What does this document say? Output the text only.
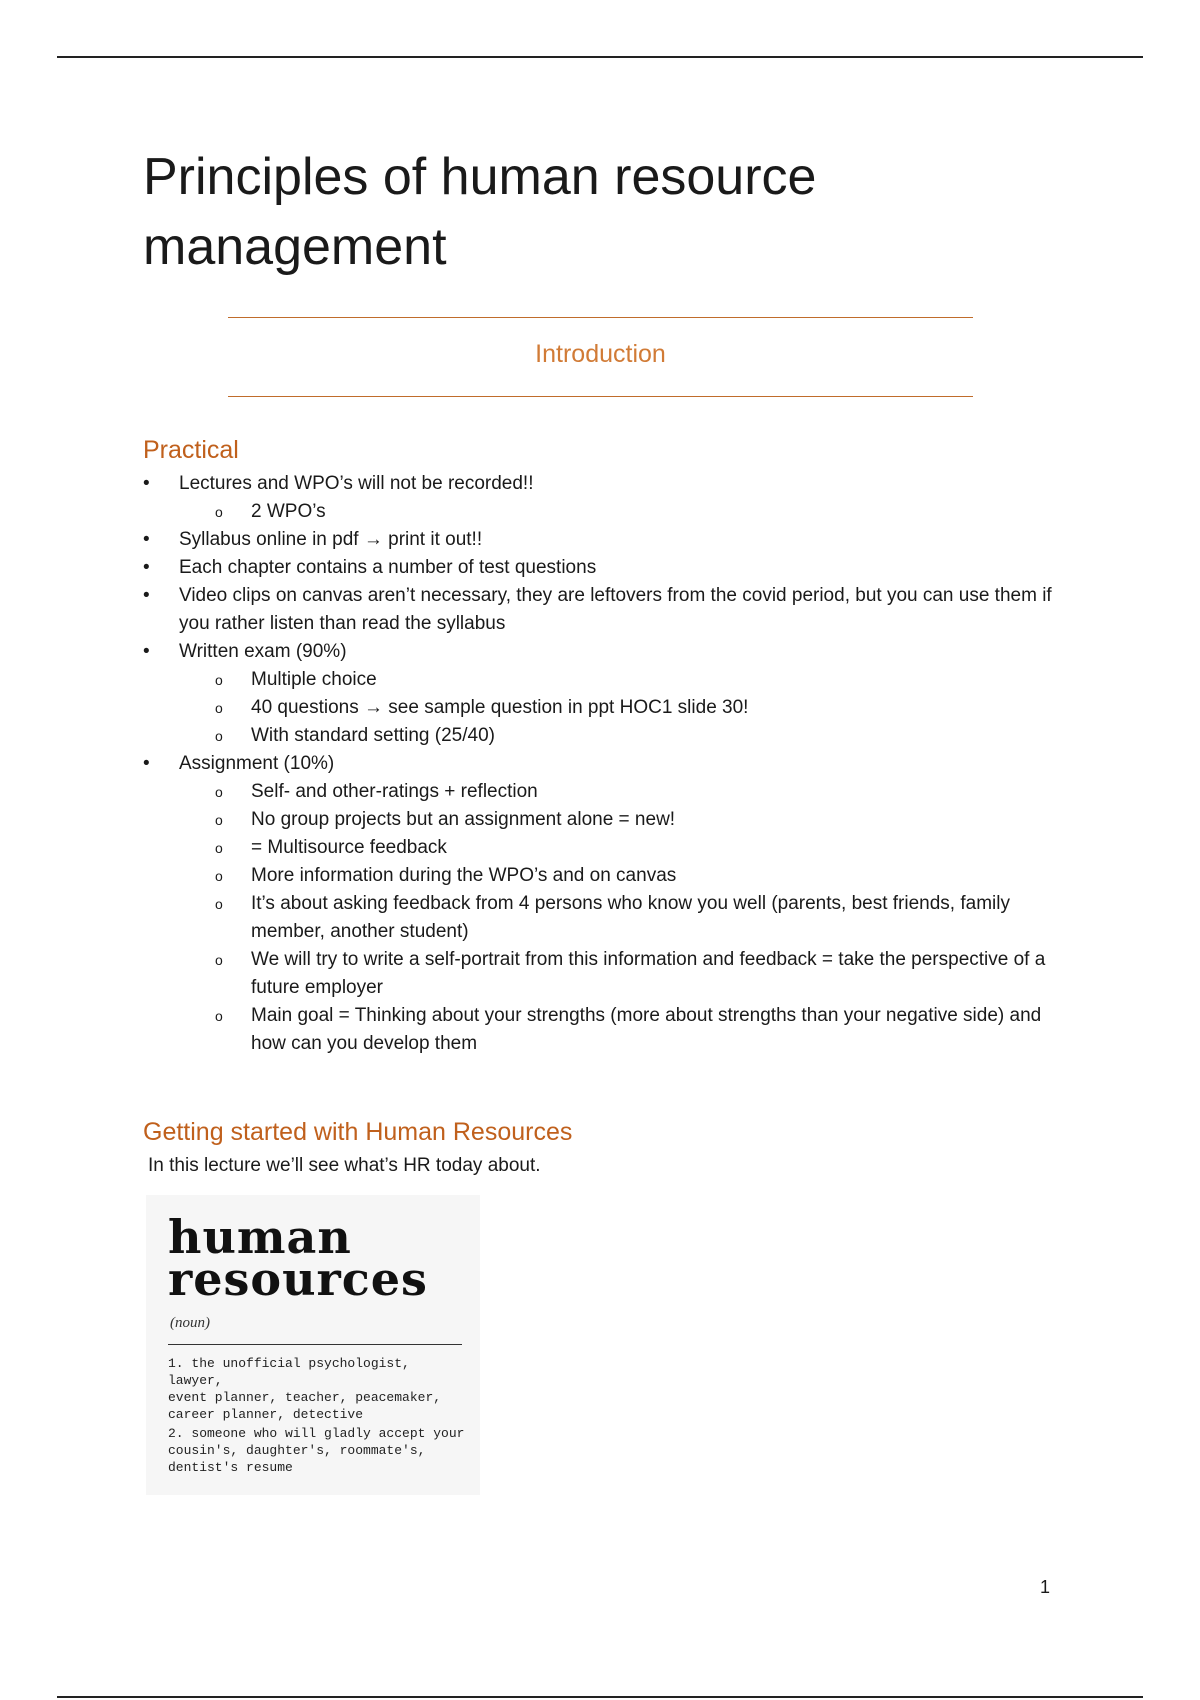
Principles of human resource management

Introduction

Practical
•	Lectures and WPO’s will not be recorded!!
o	2 WPO’s
•	Syllabus online in pdf → print it out!!
•	Each chapter contains a number of test questions
•	Video clips on canvas aren’t necessary, they are leftovers from the covid period, but you can use them if you rather listen than read the syllabus
•	Written exam (90%)
o	Multiple choice
o	40 questions → see sample question in ppt HOC1 slide 30!
o	With standard setting (25/40)
•	Assignment (10%)
o	Self- and other-ratings + reflection
o	No group projects but an assignment alone = new!
o	= Multisource feedback
o	More information during the WPO’s and on canvas
o	It’s about asking feedback from 4 persons who know you well (parents, best friends, family member, another student)
o	We will try to write a self-portrait from this information and feedback = take the perspective of a future employer
o	Main goal = Thinking about your strengths (more about strengths than your negative side) and how can you develop them
Getting started with Human Resources

In this lecture we’ll see what’s HR today about.

human
resources
(noun)

1. the unofficial psychologist, lawyer,
event planner, teacher, peacemaker,
career planner, detective

2. someone who will gladly accept your
cousin's, daughter's, roommate's,
dentist's resume

1
